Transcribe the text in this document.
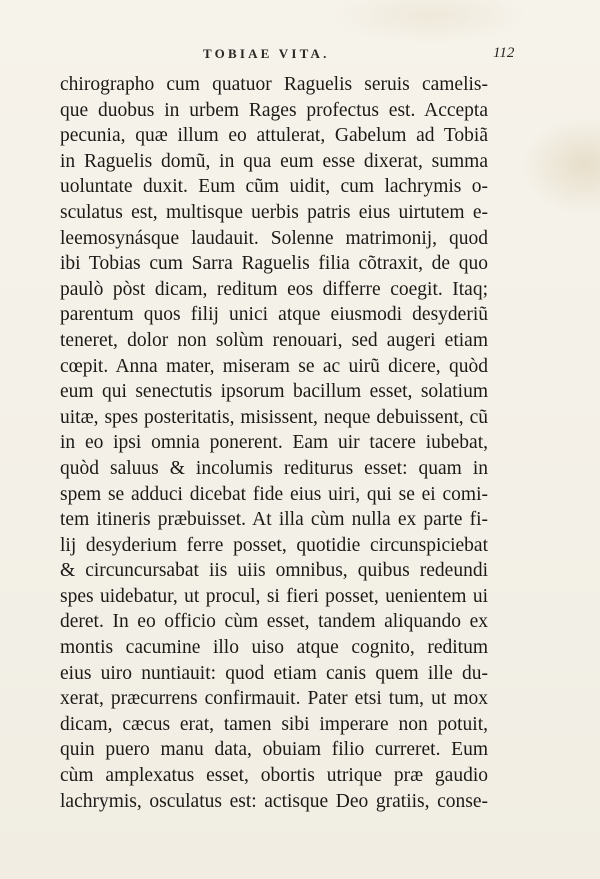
TOBIAE VITA.	112
chirographo cum quatuor Raguelis seruis camelis-
que duobus in urbem Rages profectus est. Accepta
pecunia, quæ illum eo attulerat, Gabelum ad Tobiã
in Raguelis domũ, in qua eum esse dixerat, summa
uoluntate duxit. Eum cũm uidit, cum lachrymis o-
sculatus est, multisque uerbis patris eius uirtutem e-
leemosynásque laudauit. Solenne matrimonij, quod
ibi Tobias cum Sarra Raguelis filia cõtraxit, de quo
paulò pòst dicam, reditum eos differre coegit. Itaq;
parentum quos filij unici atque eiusmodi desyderiũ
teneret, dolor non solùm renouari, sed augeri etiam
cœpit. Anna mater, miseram se ac uirũ dicere, quòd
eum qui senectutis ipsorum bacillum esset, solatium
uitæ, spes posteritatis, misissent, neque debuissent, cũ
in eo ipsi omnia ponerent. Eam uir tacere iubebat,
quòd saluus & incolumis rediturus esset: quam in
spem se adduci dicebat fide eius uiri, qui se ei comi-
tem itineris præbuisset. At illa cùm nulla ex parte fi-
lij desyderium ferre posset, quotidie circunspiciebat
& circuncursabat iis uiis omnibus, quibus redeundi
spes uidebatur, ut procul, si fieri posset, uenientem ui
deret. In eo officio cùm esset, tandem aliquando ex
montis cacumine illo uiso atque cognito, reditum
eius uiro nuntiauit: quod etiam canis quem ille du-
xerat, præcurrens confirmauit. Pater etsi tum, ut mox
dicam, cæcus erat, tamen sibi imperare non potuit,
quin puero manu data, obuiam filio curreret. Eum
cùm amplexatus esset, obortis utrique præ gaudio
lachrymis, osculatus est: actisque Deo gratiis, conse-
